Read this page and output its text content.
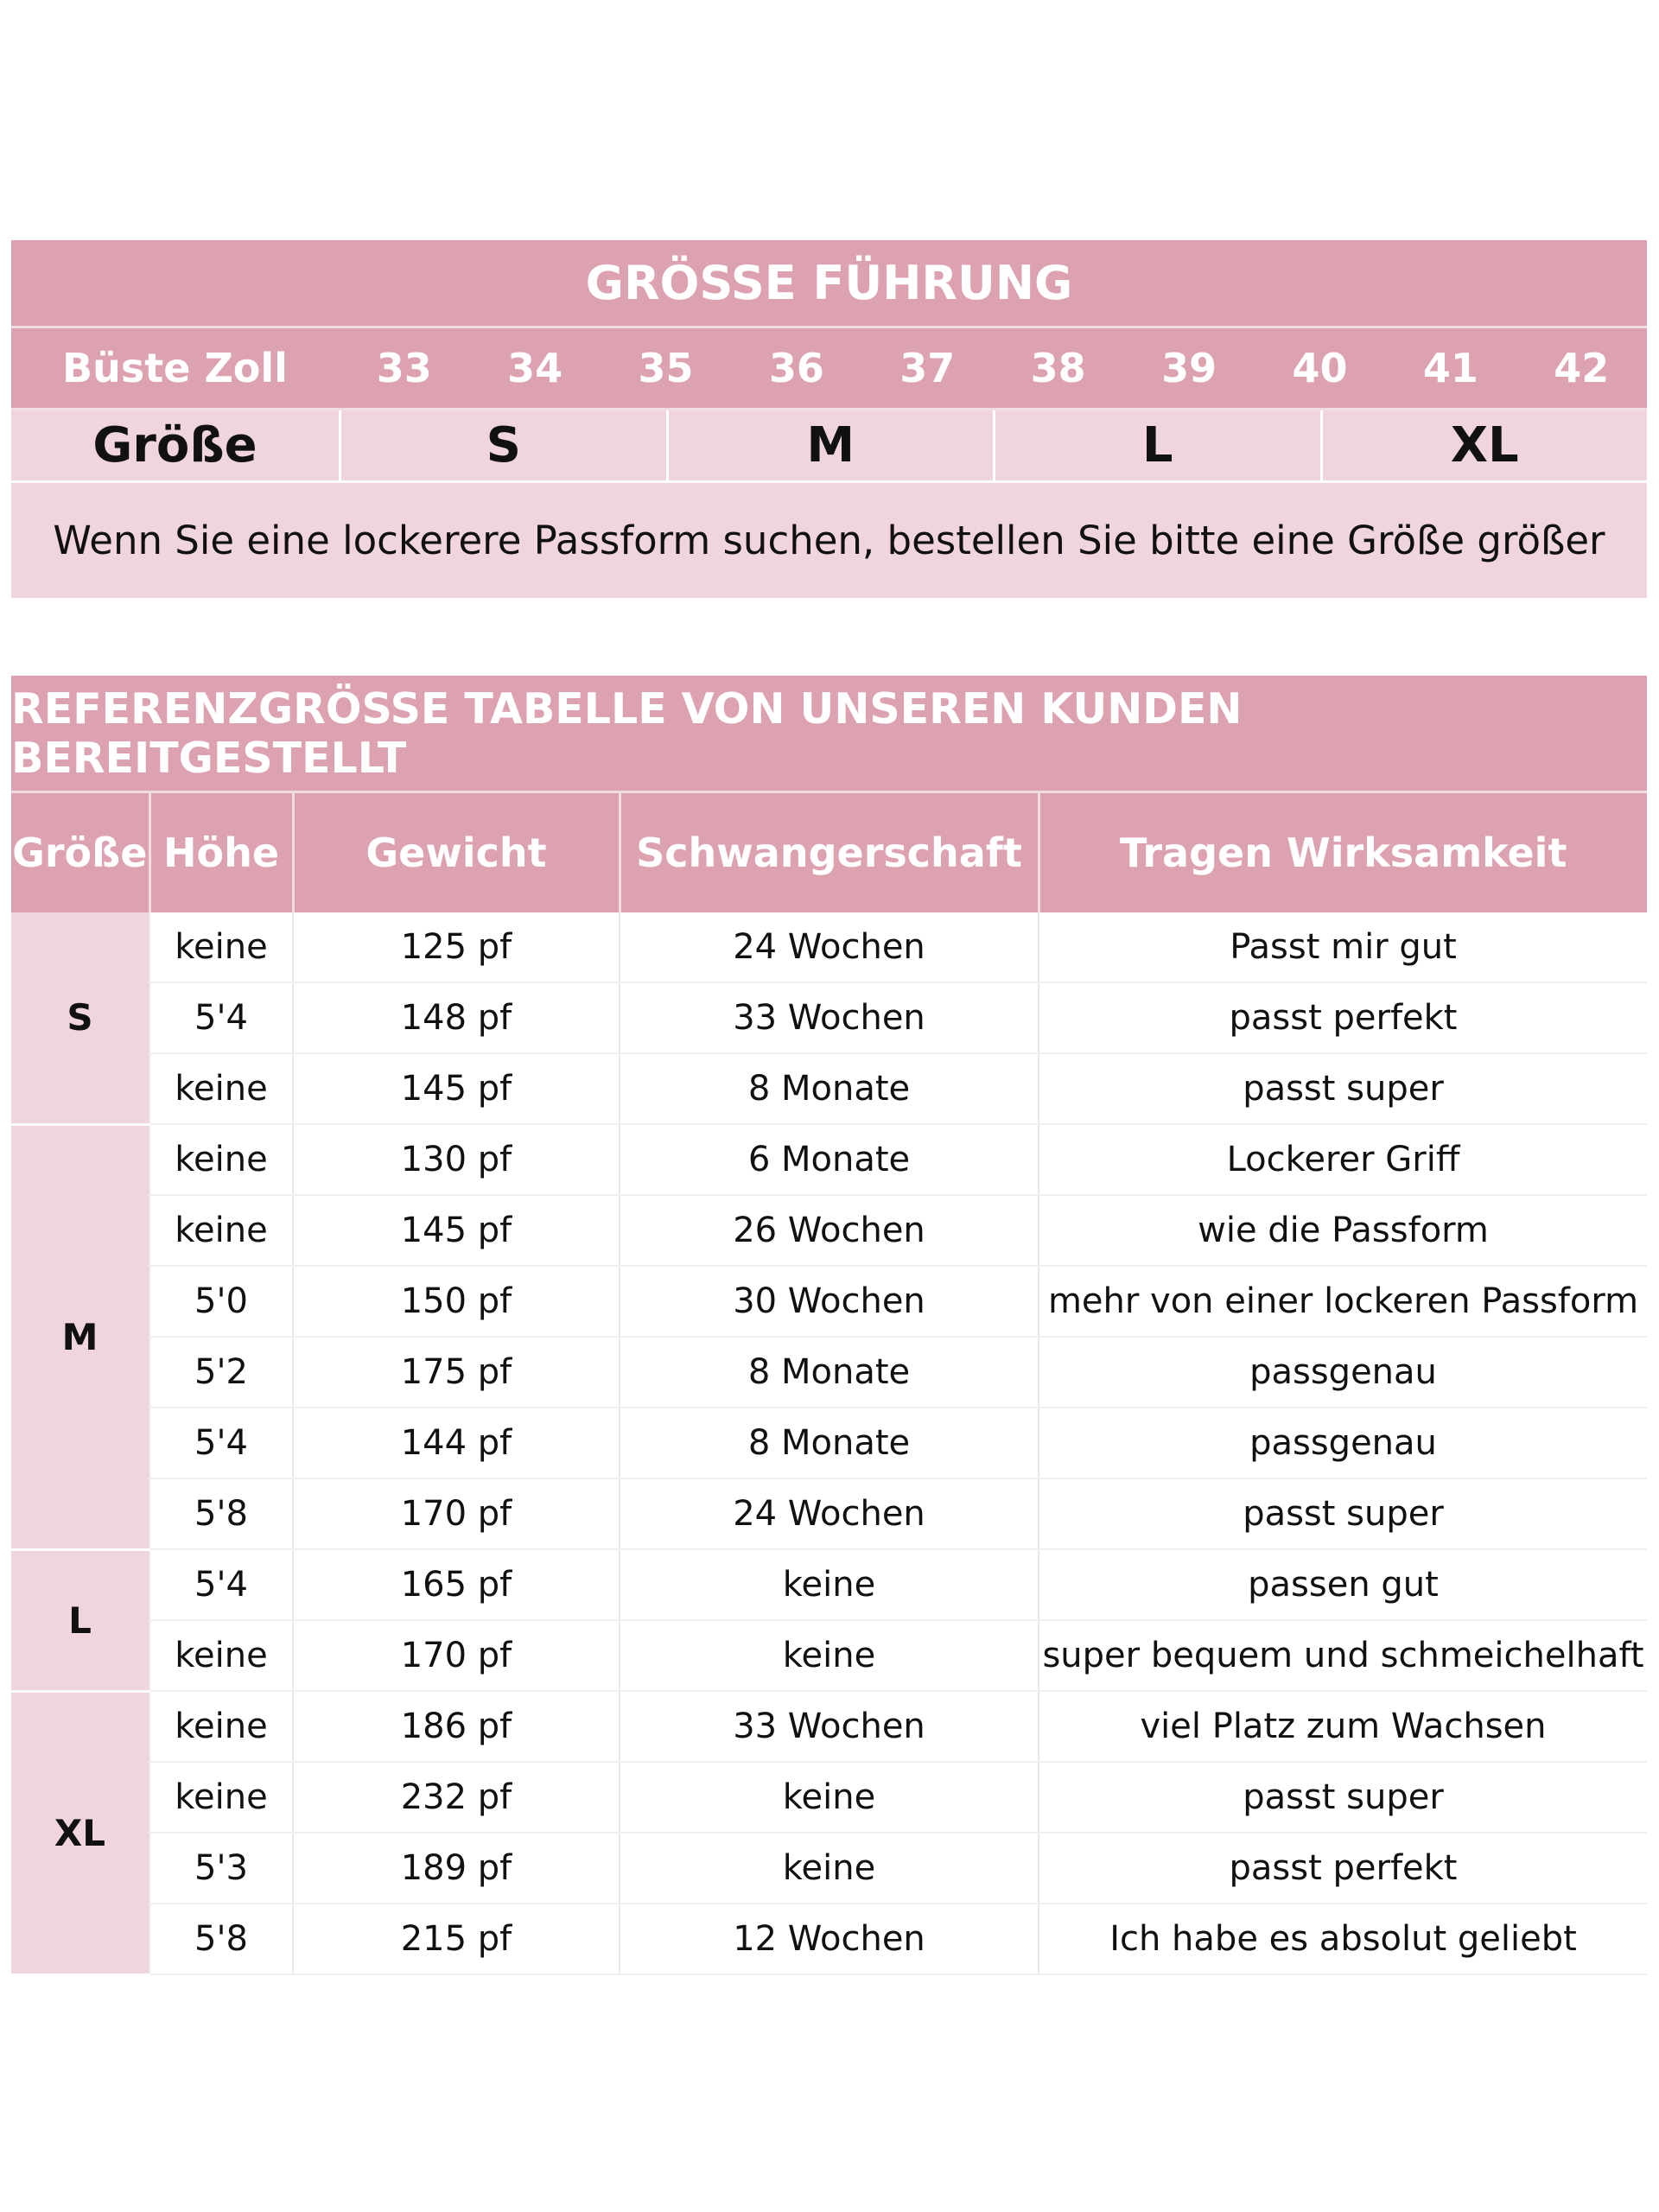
GRÖSSE FÜHRUNG
Büste Zoll	33	34	35	36	37	38	39	40	41	42
Größe	S	M	L	XL
Wenn Sie eine lockerere Passform suchen, bestellen Sie bitte eine Größe größer
REFERENZGRÖSSE TABELLE VON UNSEREN KUNDEN BEREITGESTELLT
Größe	Höhe	Gewicht	Schwangerschaft	Tragen Wirksamkeit
S	keine	125 pf	24 Wochen	Passt mir gut
	5'4	148 pf	33 Wochen	passt perfekt
	keine	145 pf	8 Monate	passt super
M	keine	130 pf	6 Monate	Lockerer Griff
	keine	145 pf	26 Wochen	wie die Passform
	5'0	150 pf	30 Wochen	mehr von einer lockeren Passform
	5'2	175 pf	8 Monate	passgenau
	5'4	144 pf	8 Monate	passgenau
	5'8	170 pf	24 Wochen	passt super
L	5'4	165 pf	keine	passen gut
	keine	170 pf	keine	super bequem und schmeichelhaft
XL	keine	186 pf	33 Wochen	viel Platz zum Wachsen
	keine	232 pf	keine	passt super
	5'3	189 pf	keine	passt perfekt
	5'8	215 pf	12 Wochen	Ich habe es absolut geliebt
